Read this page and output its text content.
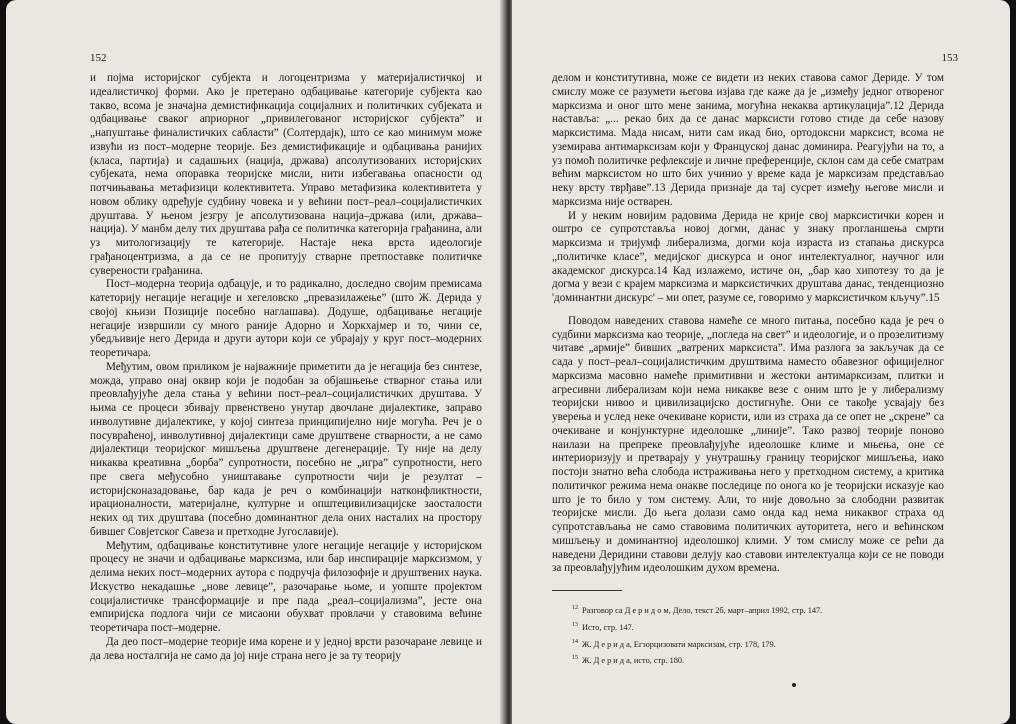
152

и појма историјског субјекта и логоцентризма у материјалистичкој и идеалистичкој форми. Ако је претерано одбацивање категорије субјекта као такво, всома је значајна демистификација социјалних и политичких субјеката и одбацивање сваког априорног „привилегованог историјског субјекта” и „напуштање финалистичких сабласти” (Солтердајк), што се као минимум може извући из пост–модерне теорије. Без демистификације и одбацивања ранијих (класа, партија) и садашњих (нација, држава) апсолутизованих историјских субјеката, нема опоравка теоријске мисли, нити избегавања опасности од потчињавања метафизици колективитета. Управо метафизика колективитета у новом облику одређује судбину човека и у већини пост–реал–социјалистичких друштава. У њеном језгру је апсолутизована нација–држава (или, држава–нација). У манбм делу тих друштава рађа се политичка категорија грађанина, али уз митологизацију те категорије. Настаје нека врста идеологије грађаноцентризма, а да се не пропитују стварне претпоставке политичке суверености грађанина.

Пост–модерна теорија одбацује, и то радикално, доследно својим премисама катеторију негације негације и хегеловско „превазилажење” (што Ж. Дерида у својој књизи Позиције посебно наглашава). Додуше, одбацивање негације негације извршили су много раније Адорно и Хоркхајмер и то, чини се, убедљивије него Дерида и други аутори који се убрајају у круг пост–модерних теоретичара.

Међутим, овом приликом је најважније приметити да је негација без синтезе, можда, управо онај оквир који је подобан за објашњење стварног стања или преовлађујуће дела стања у већини пост–реал–социјалистичких друштава. У њима се процеси збивају првенствено унутар двочлане дијалектике, заправо инволутивне дијалектике, у којој синтеза принципијелно није могућа. Реч је о посувраћеној, инволутивној дијалектици саме друштвене стварности, а не само дијалектици теоријског мишљења друштвене дегенерације. Ту није на делу никаква креативна „борба” супротности, посебно не „игра” супротности, него пре свега међусобно уништавање супротности чији је резултат – историјсконазадовање, бар када је реч о комбинацији натконфликтности, ирационалности, материјалне, културне и општецивилизацијске заосталости неких од тих друштава (посебно доминантног дела оних насталих на простору бившег Совјетског Савеза и претходне Југославије).

Међутим, одбацивање конститутивне улоге негације негације у историјском процесу не значи и одбацивање марксизма, или бар инспирације марксизмом, у делима неких пост–модерних аутора с подручја филозофије и друштвених наука. Искуство некадашње „нове левице”, разочарање њоме, и уопште пројектом социјалистичке трансформације и пре пада „реал–социјализма”, јесте она емпиријска подлога чији се мисаони обухват провлачи у ставовима већине теоретичара пост–модерне.

Да део пост–модерне теорије има корене и у једној врсти разочаране левице и да лева носталгија не само да јој није страна него је за ту теорију

153

делом и конститутивна, може се видети из неких ставова самог Дериде. У том смислу може се разумети његова изјава где каже да је „између једног отвореног марксизма и оног што мене занима, могућна некаква артикулација”.12 Дерида наставља: „... рекао бих да се данас марксисти готово стиде да себе назову марксистима. Мада нисам, нити сам икад био, ортодоксни марксист, всома не уземирава антимарксизам који у Француској данас доминира. Реагујући на то, а уз помоћ политичке рефлексије и личне преференције, склон сам да себе сматрам већим марксистом но што бих учинио у време када је марксизам представљао неку врсту тврђаве”.13 Дерида признаје да тај сусрет између његове мисли и марксизма није остварен.

И у неким новијим радовима Дерида не крије свој марксистички корен и оштро се супротставља новој догми, данас у знаку прогланшења смрти марксизма и тријумф либерализма, догми која израста из стапања дискурса „политичке класе”, медијског дискурса и оног интелектуалног, научног или академског дискурса.14 Кад излажемо, истиче он, „бар као хипотезу то да је догма у вези с крајем марксизма и марксистичких друштава данас, тенденциозно 'доминантни дискурс' – ми опет, разуме се, говоримо у марксистичком кључу”.15

Поводом наведених ставова намеће се много питања, посебно када је реч о судбини марксизма као теорије, „погледа на свет” и идеологије, и о прозелитизму читаве „армије” бивших „ватрених марксиста”. Има разлога за закључак да се сада у пост–реал–социјалистичким друштвима наместо обавезног официјелног марксизма масовно намеће примитивни и жестоки антимарксизам, плитки и агресивни либерализам који нема никакве везе с оним што је у либерализму теоријски нивоо и цивилизацијско достигнуће. Они се такође усвајају без уверења и услед неке очекиване користи, или из страха да се опет не „скрене” са очекиване и конјунктурне идеолошке „линије”. Тако развој теорије поново наилази на препреке преовлађујуће идеолошке климе и мњења, оне се интериоризују и претварају у унутрашњу границу теоријског мишљења, иако постоји знатно већа слобода истраживања него у претходном систему, а критика политичког режима нема онакве последице по онога ко је теоријски исказује као што је то било у том систему. Али, то није довољно за слободни развитак теоријске мисли. До њега долази само онда кад нема никаквог страха од супротстављања не само ставовима политичких ауторитета, него и већинском мишљењу и доминантној идеолошкој клими. У том смислу може се рећи да наведени Деридини ставови делују као ставови интелектуалца који се не поводи за преовлађујућим идеолошким духом времена.

$^{12}$ Разговор са Д е р и д о м, Дело, текст 2б, март–април 1992, стр. 147.
$^{13}$ Исто, стр. 147.
$^{14}$ Ж. Д е р и д а, Егзорцизовати марксизам, стр. 178, 179.
$^{15}$ Ж. Д е р и д а, исто, стр. 180.
